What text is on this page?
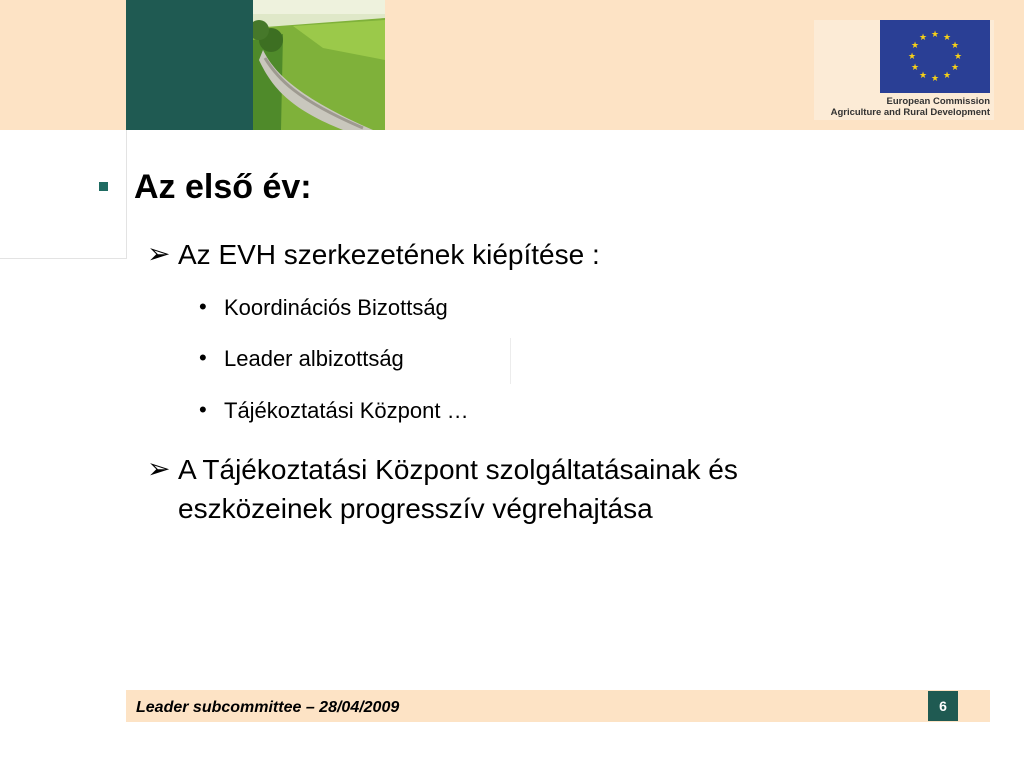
★ ★
★
★
★
★
★
★
★
★
★
★
European Commission
Agriculture and Rural Development
Az első év:
➢ Az EVH szerkezetének kiépítése :
• Koordinációs Bizottság
• Leader albizottság
• Tájékoztatási Központ …
➢ A Tájékoztatási Központ szolgáltatásainak és
eszközeinek progresszív végrehajtása
Leader subcommittee – 28/04/2009	6
